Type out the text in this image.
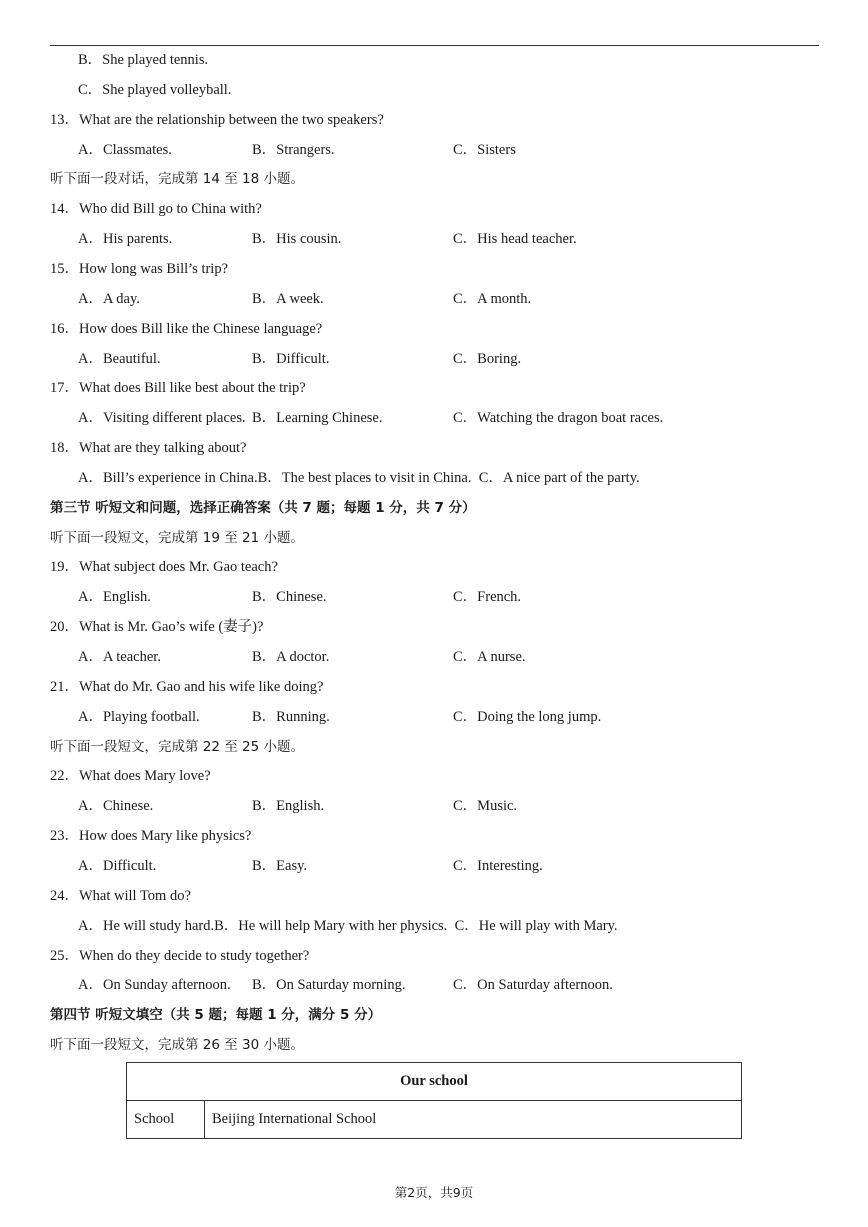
B．She played tennis.
C．She played volleyball.
13．What are the relationship between the two speakers?
A．Classmates.	B．Strangers.	C．Sisters
听下面一段对话，完成第 14 至 18 小题。
14．Who did Bill go to China with?
A．His parents.	B．His cousin.	C．His head teacher.
15．How long was Bill’s trip?
A．A day.	B．A week.	C．A month.
16．How does Bill like the Chinese language?
A．Beautiful.	B．Difficult.	C．Boring.
17．What does Bill like best about the trip?
A．Visiting different places. B．Learning Chinese.	C．Watching the dragon boat races.
18．What are they talking about?
A．Bill’s experience in China.B．The best places to visit in China. C．A nice part of the party.
第三节 听短文和问题，选择正确答案（共 7 题；每题 1 分，共 7 分）
听下面一段短文，完成第 19 至 21 小题。
19．What subject does Mr. Gao teach?
A．English.	B．Chinese.	C．French.
20．What is Mr. Gao’s wife (妻子)?
A．A teacher.	B．A doctor.	C．A nurse.
21．What do Mr. Gao and his wife like doing?
A．Playing football.	B．Running.	C．Doing the long jump.
听下面一段短文，完成第 22 至 25 小题。
22．What does Mary love?
A．Chinese.	B．English.	C．Music.
23．How does Mary like physics?
A．Difficult.	B．Easy.	C．Interesting.
24．What will Tom do?
A．He will study hard.B．He will help Mary with her physics. C．He will play with Mary.
25．When do they decide to study together?
A．On Sunday afternoon. B．On Saturday morning.	C．On Saturday afternoon.
第四节 听短文填空（共 5 题；每题 1 分，满分 5 分）
听下面一段短文，完成第 26 至 30 小题。
Our school
School	Beijing International School
第2页，共9页
